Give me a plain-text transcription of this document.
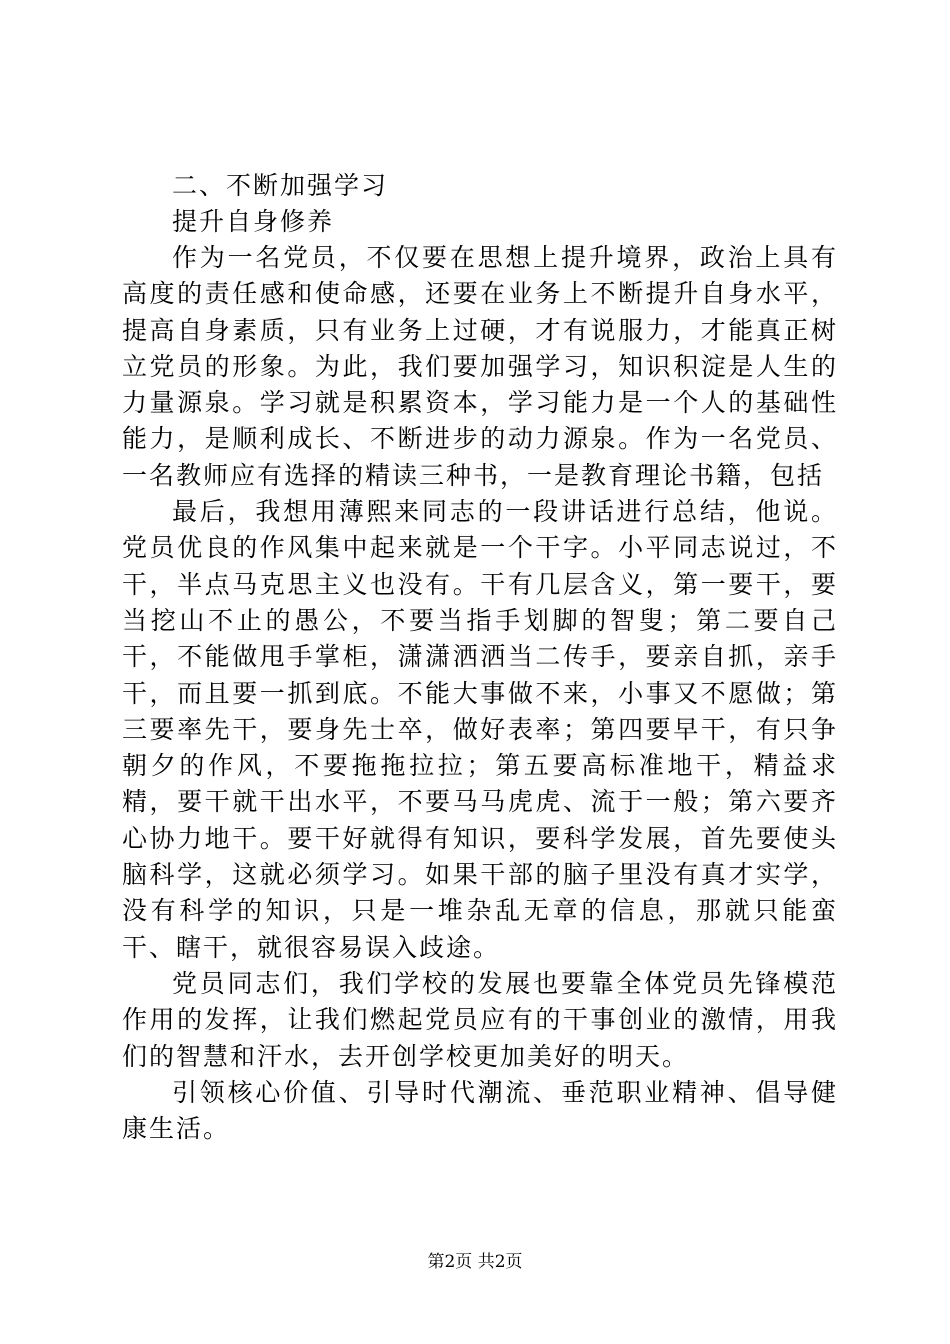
二、不断加强学习

提升自身修养

作为一名党员，不仅要在思想上提升境界，政治上具有高度的责任感和使命感，还要在业务上不断提升自身水平，提高自身素质，只有业务上过硬，才有说服力，才能真正树立党员的形象。为此，我们要加强学习，知识积淀是人生的力量源泉。学习就是积累资本，学习能力是一个人的基础性能力，是顺利成长、不断进步的动力源泉。作为一名党员、一名教师应有选择的精读三种书，一是教育理论书籍，包括

最后，我想用薄熙来同志的一段讲话进行总结，他说。党员优良的作风集中起来就是一个干字。小平同志说过，不干，半点马克思主义也没有。干有几层含义，第一要干，要当挖山不止的愚公，不要当指手划脚的智叟；第二要自己干，不能做甩手掌柜，潇潇洒洒当二传手，要亲自抓，亲手干，而且要一抓到底。不能大事做不来，小事又不愿做；第三要率先干，要身先士卒，做好表率；第四要早干，有只争朝夕的作风，不要拖拖拉拉；第五要高标准地干，精益求精，要干就干出水平，不要马马虎虎、流于一般；第六要齐心协力地干。要干好就得有知识，要科学发展，首先要使头脑科学，这就必须学习。如果干部的脑子里没有真才实学，没有科学的知识，只是一堆杂乱无章的信息，那就只能蛮干、瞎干，就很容易误入歧途。

党员同志们，我们学校的发展也要靠全体党员先锋模范作用的发挥，让我们燃起党员应有的干事创业的激情，用我们的智慧和汗水，去开创学校更加美好的明天。

引领核心价值、引导时代潮流、垂范职业精神、倡导健康生活。

第2页 共2页
